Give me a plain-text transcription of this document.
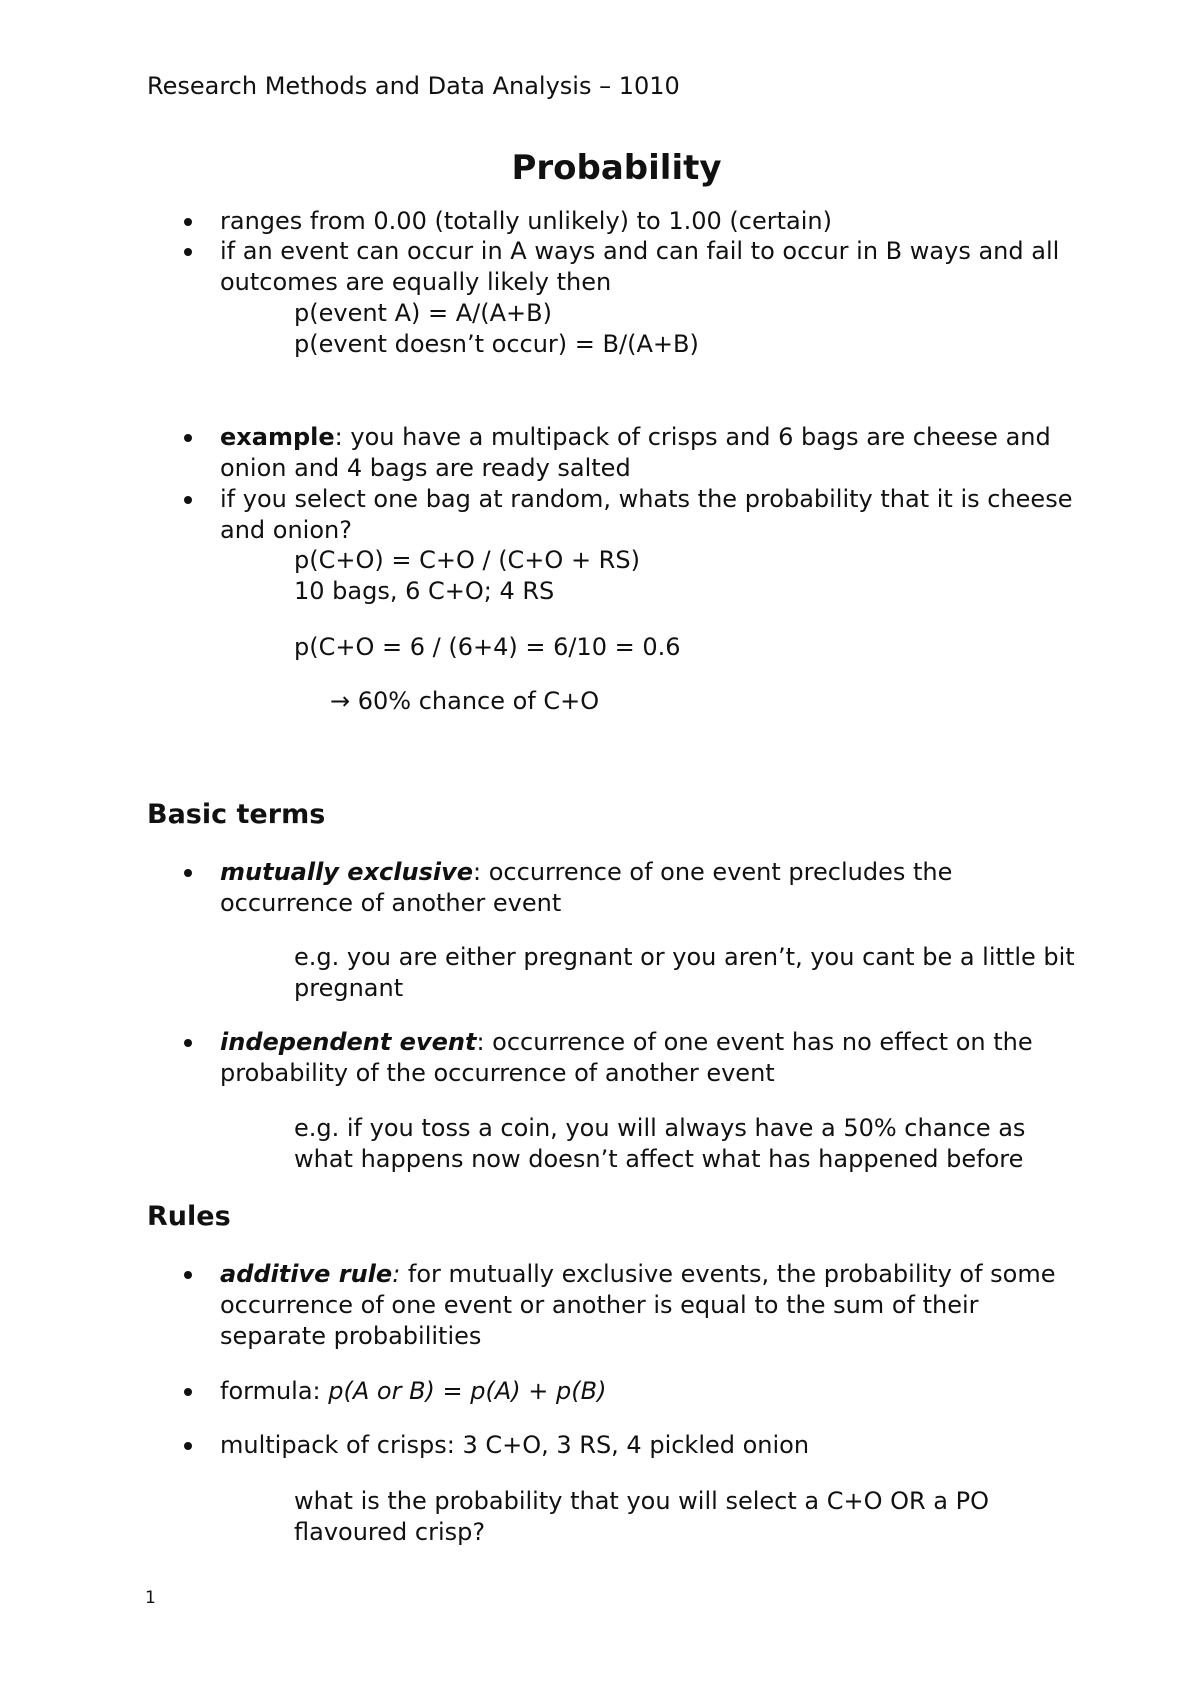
Research Methods and Data Analysis – 1010
Probability
ranges from 0.00 (totally unlikely) to 1.00 (certain)
if an event can occur in A ways and can fail to occur in B ways and all outcomes are equally likely then
p(event A) = A/(A+B)
p(event doesn’t occur) = B/(A+B)
example: you have a multipack of crisps and 6 bags are cheese and onion and 4 bags are ready salted
if you select one bag at random, whats the probability that it is cheese and onion?
p(C+O) = C+O / (C+O + RS)
10 bags, 6 C+O; 4 RS
p(C+O = 6 / (6+4) = 6/10 = 0.6
→ 60% chance of C+O
Basic terms
mutually exclusive: occurrence of one event precludes the occurrence of another event
e.g. you are either pregnant or you aren’t, you cant be a little bit pregnant
independent event: occurrence of one event has no effect on the probability of the occurrence of another event
e.g. if you toss a coin, you will always have a 50% chance as what happens now doesn’t affect what has happened before
Rules
additive rule: for mutually exclusive events, the probability of some occurrence of one event or another is equal to the sum of their separate probabilities
formula: p(A or B) = p(A) + p(B)
multipack of crisps: 3 C+O, 3 RS, 4 pickled onion
what is the probability that you will select a C+O OR a PO flavoured crisp?
1
